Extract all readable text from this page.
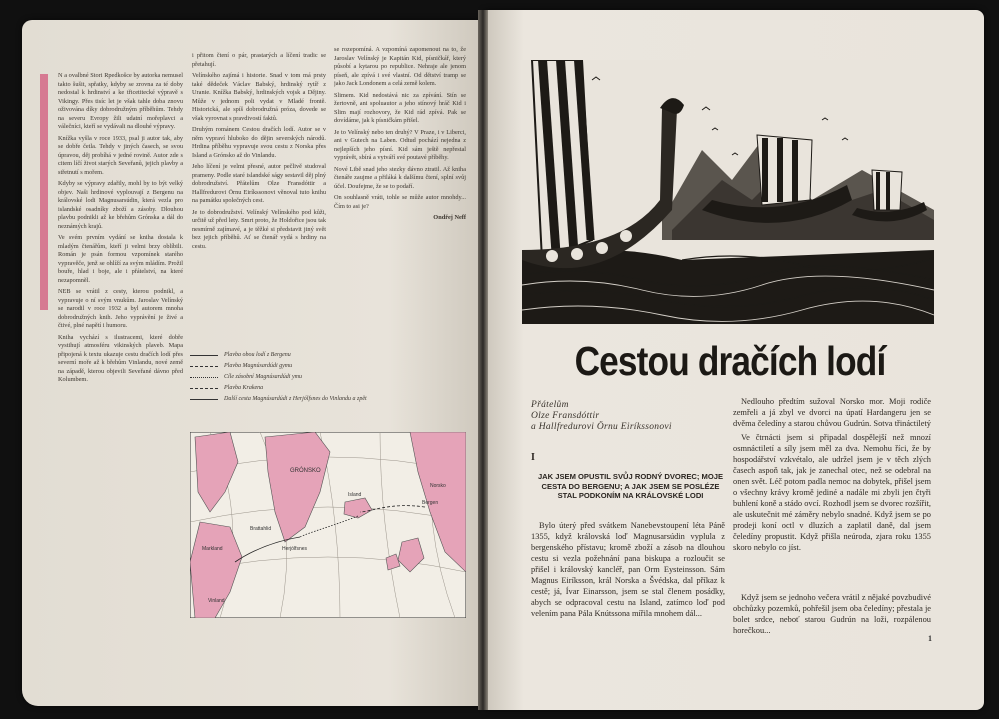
N a ovalbné Stori Rpedkošce by autorka nemusel takto šušit, spřatky, kdyby se zrovna za té doby nedostal k hrdinství a ke třicetitecké výpravě s Vikingy. Přes tisíc let je však tahle doba znovu oživována díky dobrodružným příběhům. Tehdy na severu Evropy žili udatní mořeplavci a válečníci, kteří se vydávali na dlouhé výpravy.

Knížka vyšla v roce 1933, psal ji autor tak, aby se dobře četla. Tehdy v jiných časech, se svou úpravou, děj probíhá v jedné rovině. Autor zde s citem líčí život starých Seveřanů, jejich plavby a střetnutí s mořem.

Kdyby se výpravy zdařily, mohl by to být velký objev. Naši hrdinové vyplouvají z Bergenu na královské lodi Magnusarsúdin, která vezla pro islandské osadníky zboží a zásoby. Dlouhou plavbu podnikli až ke břehům Grónska a dál do neznámých krajů.

Ve svém prvním vydání se kniha dostala k mladým čtenářům, kteří ji velmi brzy oblíbili. Román je psán formou vzpomínek starého vypravěče, jenž se ohlíží za svým mládím. Prožil bouře, hlad i boje, ale i přátelství, na které nezapomněl.

NEB se vrátil z cesty, kterou podnikl, a vypravuje o ní svým vnukům. Jaroslav Velínský se narodil v roce 1932 a byl autorem mnoha dobrodružných knih. Jeho vyprávění je živé a čtivé, plné napětí i humoru.

Kniha vychází s ilustracemi, které dobře vystihují atmosféru vikinských plaveb. Mapa připojená k textu ukazuje cestu dračích lodí přes severní moře až k břehům Vinlandu, nové země na západě, kterou objevili Seveřané dávno před Kolumbem.

i přitom čtení o pár, prastarých a líčení tradic se přetahují.

Velínského zajímá i historie. Snad v tom má prsty také dědeček Václav Babský, hrdinský rytíř z Uranie. Knížka Babský, hrdinských vojsk a Dějiny. Může v jednom poli vydat v Mladé frontě. Historická, ale spíš dobrodružná próza, dovede se však vyrovnat s pravdivostí faktů.

Druhým románem Cestou dračích lodí. Autor se v něm vypraví hluboko do dějin severských národů. Hrdina příběhu vypravuje svou cestu z Norska přes Island a Grónsko až do Vinlandu.

Jeho líčení je velmi přesné, autor pečlivě studoval prameny. Podle staré islandské ságy sestavil děj plný dobrodružství. Přátelům Olze Fransdóttir a Hallfredurovi Örnu Eiríkssonovi věnoval tuto knihu na památku společných cest.

Je to dobrodružství. Velínský Velínského pod kůži, určitě už před lety. Smrt proto, že Holdořice jsou tak nesmírně zajímavé, a je těžké si představit jiný svět bez jejich příběhů. Ať se čtenář vydá s hrdiny na cestu.

se rozepomíná. A vzpomíná zapomenout na to, že Jaroslav Velínský je Kapitán Kid, písničkář, který působí a kytarou po republice. Nehraje ale jenom píseň, ale zpívá i své vlastní. Od dětství tramp se jako Jack Londonem a celá země kolem.

Slimem. Kid nedostává nic za zpívání. Stín se žertovně, ani spoluautor a jeho stínový hráč Kid i Slim mají rozhovory, že Kid rád zpívá. Pak se dovídáme, jak k písničkám přišel.

Je to Velínský nebo ten druhý? V Praze, i v Liberci, ani v Gutech na Laben. Odtud pochází nejedna z nejlepších jeho písní. Kid sám ještě nepřestal vyprávět, sbírá a vytváří své poutavé příběhy.

Nové Libě snad jeho stezky dávno ztratil. Až kniha čtenáře zaujme a přiláká k dalšímu čtení, splní svůj účel. Doufejme, že se to podaří.

On souhlasně vráti, tohle se může autor mnohdy... Čím to asi je?

Ondřej Neff
Plavba obou lodí z Bergenu
Plavba Magnúsardúdi gymu
Cíle zásobní Magnúsardúdi ymu
Plavba Krakena
Další cesta Magnúsardúdi z Herjólfsnes do Vinlandu a zpět
GRÓNSKO
Bergen
Island
Norsko
Herjólfsnes
Vinland
Brattahlid
Markland
Cestou dračích lodí
Přátelům
Olze Fransdóttir
a Hallfredurovi Örnu Eiríkssonovi
I
JAK JSEM OPUSTIL SVŮJ RODNÝ DVOREC; MOJE CESTA DO BERGENU; A JAK JSEM SE POSLÉZE STAL PODKONÍM NA KRÁLOVSKÉ LODI
Bylo úterý před svátkem Nanebevstoupení léta Páně 1355, když královská loď Magnusarsúdin vyplula z bergenského přístavu; kromě zboží a zásob na dlouhou cestu si vezla požehnání pana biskupa a rozloučit se přišel i královský kancléř, pan Orm Eysteinsson. Sám Magnus Eiríksson, král Norska a Švédska, dal příkaz k cestě; já, Ívar Einarsson, jsem se stal členem posádky, abych se odpracoval cestu na Island, zatímco loď pod velením pana Pála Knútssona mířila mnohem dál...
Nedlouho předtím sužoval Norsko mor. Moji rodiče zemřeli a já zbyl ve dvorci na úpatí Hardangeru jen se dvěma čeledíny a starou chůvou Gudrún. Sotva třináctiletý
Ve čtrnácti jsem si připadal dospělejší než mnozí osmnáctiletí a síly jsem měl za dva. Nemohu říci, že by hospodářství vzkvétalo, ale udržel jsem je v těch zlých časech aspoň tak, jak je zanechal otec, než se odebral na onen svět. Léč potom padla nemoc na dobytek, přišel jsem o všechny krávy kromě jediné a nadále mi zbyli jen čtyři buhlení koně a stádo ovcí. Rozhodl jsem se dvorec rozšířit, ale uskutečnit mé záměry nebylo snadné. Když jsem se po prodeji koní octl v dluzích a zaplatil daně, dal jsem čeledíny propustit. Když přišla neúroda, zjara roku 1355 skoro nebylo co jíst.
Když jsem se jednoho večera vrátil z nějaké povzbudivé obchůzky pozemků, pohřešil jsem oba čeledíny; přestala je bolet srdce, neboť starou Gudrún na loži, rozpálenou horečkou...
1
